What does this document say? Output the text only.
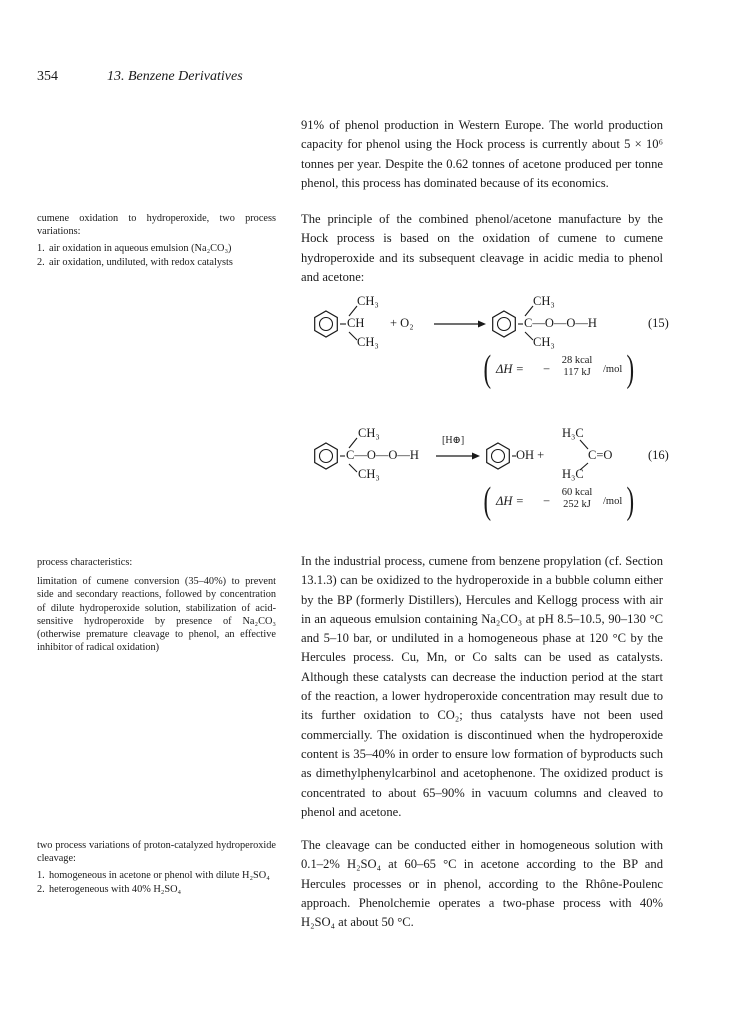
354	13. Benzene Derivatives
91% of phenol production in Western Europe. The world production capacity for phenol using the Hock process is currently about 5 × 10⁶ tonnes per year. Despite the 0.62 tonnes of acetone produced per tonne phenol, this process has dominated because of its economics.
The principle of the combined phenol/acetone manufacture by the Hock process is based on the oxidation of cumene to cumene hydroperoxide and its subsequent cleavage in acidic media to phenol and acetone:
In the industrial process, cumene from benzene propylation (cf. Section 13.1.3) can be oxidized to the hydroperoxide in a bubble column either by the BP (formerly Distillers), Hercules and Kellogg process with air in an aqueous emulsion containing Na₂CO₃ at pH 8.5–10.5, 90–130 °C and 5–10 bar, or undiluted in a homogeneous phase at 120 °C by the Hercules process. Cu, Mn, or Co salts can be used as catalysts. Although these catalysts can decrease the induction period at the start of the reaction, a lower hydroperoxide concentration may result due to its further oxidation to CO₂; thus catalysts have not been used commercially. The oxidation is discontinued when the hydroperoxide content is 35–40% in order to ensure low formation of byproducts such as dimethylphenylcarbinol and acetophenone. The oxidized product is concentrated to about 65–90% in vacuum columns and cleaved to phenol and acetone.
The cleavage can be conducted either in homogeneous solution with 0.1–2% H₂SO₄ at 60–65 °C in acetone according to the BP and Hercules processes or in phenol, according to the Rhône-Poulenc approach. Phenolchemie operates a two-phase process with 40% H₂SO₄ at about 50 °C.

cumene oxidation to hydroperoxide, two process variations:

1. air oxidation in aqueous emulsion (Na₂CO₃)
2. air oxidation, undiluted, with redox catalysts

process characteristics:

limitation of cumene conversion (35–40%) to prevent side and secondary reactions, followed by concentration of dilute hydroperoxide solution, stabilization of acid-sensitive hydroperoxide by presence of Na₂CO₃ (otherwise premature cleavage to phenol, an effective inhibitor of radical oxidation)

two process variations of proton-catalyzed hydroperoxide cleavage:

1. homogeneous in acetone or phenol with dilute H₂SO₄
2. heterogeneous with 40% H₂SO₄
CH₃
CH
CH₃
+ O₂
CH₃
C—O—O—H
CH₃
(15)
( ΔH = −
28 kcal
117 kJ	/mol )
CH₃
C—O—O—H
CH₃
[H⊕]
OH +
H₃C
C=O
H₃C
(16)
( ΔH = −
60 kcal
252 kJ	/mol )
